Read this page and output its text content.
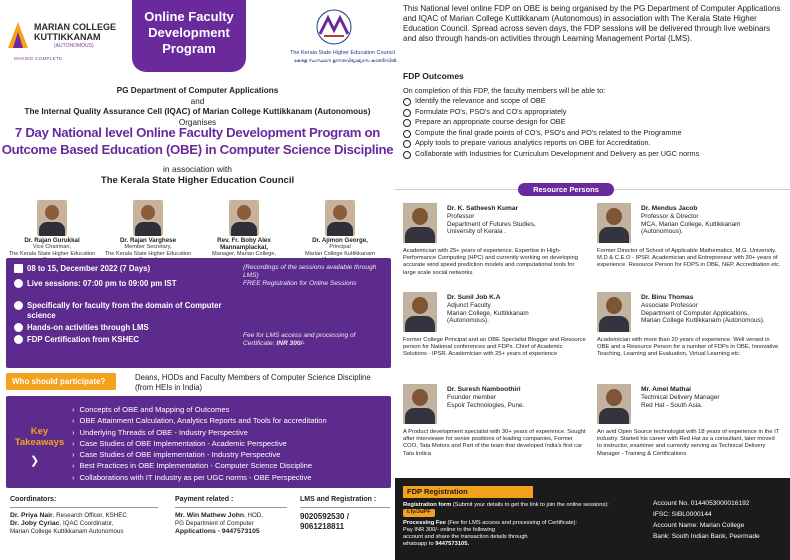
MARIAN COLLEGE
KUTTIKKANAM
(AUTONOMOUS)
MAKING COMPLETE
Online Faculty
Development
Program	The Kerala State Higher Education Council
കേരള സംസ്ഥാന ഉന്നതവിദ്യാഭ്യാസ കൗൺസിൽ
PG Department of Computer Applications
and
The Internal Quality Assurance Cell (IQAC) of Marian College Kuttikkanam (Autonomous)
Organises
7 Day National level Online Faculty Development Program on
Outcome Based Education (OBE) in Computer Science Discipline
in association with
The Kerala State Higher Education Council
Dr. Rajan Gurukkal
Vice Chairman,
The Kerala State Higher Education
Dr. Rajan Varghese
Member Secretary,
The Kerala State Higher Education
Rev. Fr. Boby Alex Mannamplackal,
Manager, Marian College,
Dr. Ajimon George,
Principal
Marian College Kuttikkanam
08 to 15, December 2022 (7 Days)
Live sessions: 07:00 pm to 09:00 pm IST
(Recordings of the sessions available through LMS)
FREE Registration for Online Sessions
Specifically for faculty from the domain of Computer science
Hands-on activities through LMS
FDP Certification from KSHEC	Fee for LMS access and processing of Certificate: INR 300/-
Who should participate?	Deans, HODs and Faculty Members of Computer Science Discipline (from HEIs in India)
Key
Takeaways
❯
› Concepts of OBE and Mapping of Outcomes
› OBE Attainment Calculation, Analytics Reports and Tools for accreditation
› Underlying Threads of OBE - Industry Perspective
› Case Studies of OBE Implementation - Academic Perspective
› Case Studies of OBE implementation - Industry Perspective
› Best Practices in OBE Implementation - Computer Science Discipline
› Collaborations with IT Industry as per UGC norms - OBE Perspective
Coordinators:
Dr. Priya Nair, Research Officer, KSHEC
Dr. Joby Cyriac, IQAC Coordinator,
Marian College Kuttikkanam Autonomous
Payment related :
Mr. Win Mathew John, HOD,
PG Department of Computer
Applications - 9447573105
LMS and Registration :
9020592530 /
9061218811
This National level online FDP on OBE is being organised by the PG Department of Computer Applications and IQAC of Marian College Kuttikkanam (Autonomous) in association with The Kerala State Higher Education Council. Spread across seven days, the FDP sessions will be delivered through live webinars and also through hands-on activities through Learning Management Portal (LMS).
FDP Outcomes
On completion of this FDP, the faculty members will be able to:
Identify the relevance and scope of OBE
Formulate PO's, PSO's and CO's appropriately
Prepare an appropriate course design for OBE
Compute the final grade points of CO's, PSO's and PO's related to the Programme
Apply tools to prepare various analytics reports on OBE for Accreditation.
Collaborate with Industries for Curriculum Development and Delivery as per UGC norms
Resource Persons
Dr. K. Satheesh Kumar
Professor
Department of Futures Studies,
University of Kerala .
Academician with 25+ years of experience. Expertise in High-Performance Computing (HPC) and currently working on developing accurate wind speed prediction models and computational tools for large scale social networks.
Dr. Mendus Jacob
Professor & Director
MCA, Marian College, Kuttikkanam
(Autonomous).
Former Director of School of Applicable Mathematics, M.G. University. M.D & C.E.O - IPSR. Academician and Entrepreneur with 30+ years of experience. Resource Person for FDPS in OBE, NEP, Accreditation etc.
Dr. Sunil Job K.A
Adjunct Faculty
Marian College, Kuttikkanam
(Autonomous).
Former College Principal and an OBE Specialist Blogger and Resource person for National conferences and FDPs. Chief of Academic Solutions - IPSR. Academician with 25+ years of experience
Dr. Binu Thomas
Associate Professor
Department of Computer Applications,
Marian College Kuttikkanam (Autonomous).
Academician with more than 20 years of experience. Well versed in OBE and a Resource Person for a number of FDPs in OBE, Innovative Teaching, Learning and Evaluation, Virtual Learning etc.
Dr. Suresh Namboothiri
Founder member
Espoir Technologies, Pune.
A Product development specialist with 30+ years of experience. Sought after interviewer for senior positions of leading companies, Former COO, Tata Motors and Part of the team that developed India's first car Tata Indica
Mr. Amel Mathai
Technical Delivery Manager
Red Hat - South Asia.
An avid Open Source technologist with 18 years of experience in the IT industry. Started his career with Red Hat as a consultant, later moved to instructor, examiner and currently serving as Technical Delivery Manager - Training & Certifications
FDP Registration
Registration form (Submit your details to get the link to join the online sessions): t.ly/JuPF
Processing Fee (Fee for LMS access and processing of Certificate):
Pay INR 300/- online to the following
account and share the transaction details through
whatsapp to 9447573105.
Account No. 0144053000016192
IFSC: SIBL0000144
Account Name: Marian College
Bank: South Indian Bank, Peermade
